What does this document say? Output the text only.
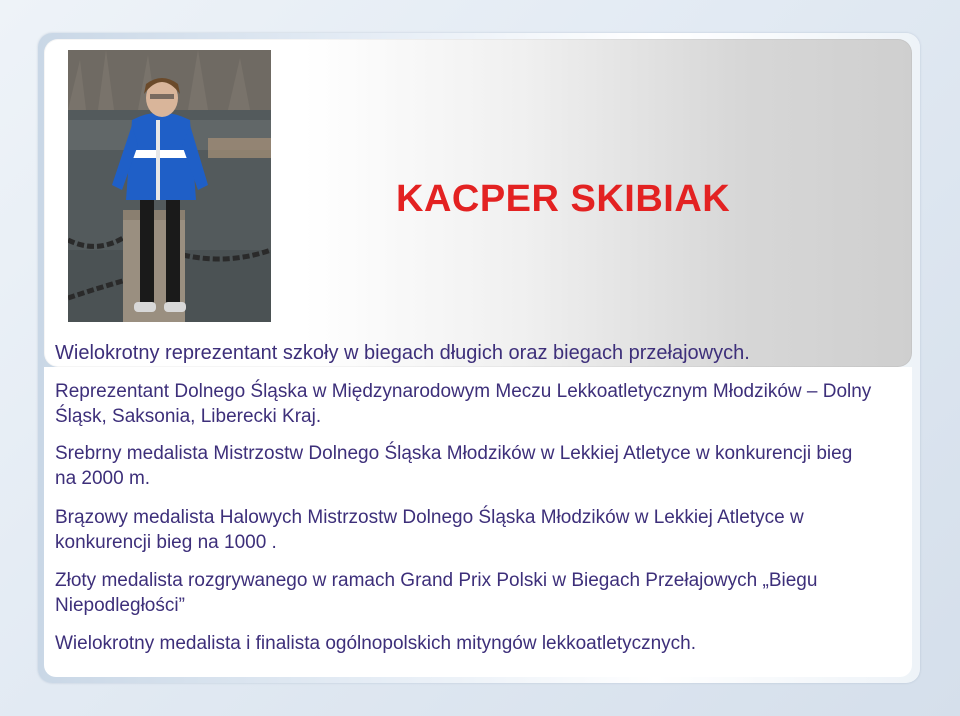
KACPER SKIBIAK

Wielokrotny reprezentant szkoły w biegach długich oraz biegach przełajowych.

Reprezentant Dolnego Śląska w Międzynarodowym Meczu Lekkoatletycznym Młodzików – Dolny Śląsk, Saksonia, Liberecki Kraj.

Srebrny medalista Mistrzostw Dolnego Śląska Młodzików w Lekkiej Atletyce w konkurencji bieg na 2000 m.

Brązowy medalista Halowych Mistrzostw Dolnego Śląska Młodzików w Lekkiej Atletyce w konkurencji bieg na 1000 .

Złoty medalista rozgrywanego w ramach Grand Prix Polski w Biegach Przełajowych „Biegu Niepodległości”

Wielokrotny medalista i finalista ogólnopolskich mityngów lekkoatletycznych.
